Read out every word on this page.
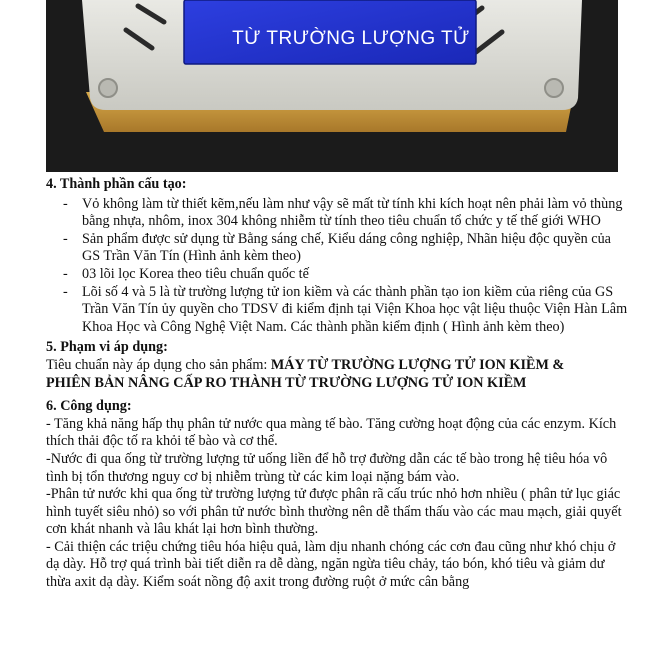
TỪ TRƯỜNG LƯỢNG TỬ

4. Thành phần cấu tạo:

- Vỏ không làm từ thiết kẽm,nếu làm như vậy sẽ mất từ tính khi kích hoạt nên phải làm vỏ thùng bằng nhựa, nhôm, inox 304 không nhiễm từ tính theo tiêu chuẩn tổ chức y tế thế giới WHO
- Sản phẩm được sử dụng từ Bằng sáng chế, Kiểu dáng công nghiệp, Nhãn hiệu độc quyền của GS Trần Văn Tín (Hình ảnh kèm theo)
- 03 lõi lọc Korea theo tiêu chuẩn quốc tế
- Lõi số 4 và 5 là từ trường lượng tử ion kiềm và các thành phần tạo ion kiềm của riêng của GS Trần Văn Tín ủy quyền cho TDSV đi kiểm định tại Viện Khoa học vật liệu thuộc Viện Hàn Lâm Khoa Học và Công Nghệ Việt Nam. Các thành phần kiểm định ( Hình ảnh kèm theo)

5. Phạm vi áp dụng:

Tiêu chuẩn này áp dụng cho sản phẩm: MÁY TỪ TRƯỜNG LƯỢNG TỬ ION KIỀM &

PHIÊN BẢN NÂNG CẤP RO THÀNH TỪ TRƯỜNG LƯỢNG TỬ ION KIỀM

6. Công dụng:

- Tăng khả năng hấp thụ phân tử nước qua màng tế bào. Tăng cường hoạt động của các enzym. Kích thích thải độc tố ra khỏi tế bào và cơ thể.

-Nước đi qua ống từ trường lượng tử uống liền để hỗ trợ đường dẫn các tế bào trong hệ tiêu hóa vô tình bị tổn thương nguy cơ bị nhiễm trùng từ các kim loại nặng bám vào.

-Phân tử nước khi qua ống từ trường lượng tử được phân rã cấu trúc nhỏ hơn nhiều ( phân tử lục giác hình tuyết siêu nhỏ) so với phân tử nước bình thường nên dễ thẩm thấu vào các mau mạch, giải quyết cơn khát nhanh và lâu khát lại hơn bình thường.

- Cải thiện các triệu chứng tiêu hóa hiệu quả, làm dịu nhanh chóng các cơn đau cũng như khó chịu ở dạ dày. Hỗ trợ quá trình bài tiết diễn ra dễ dàng, ngăn ngừa tiêu chảy, táo bón, khó tiêu và giảm dư thừa axit dạ dày. Kiểm soát nồng độ axit trong đường ruột ở mức cân bằng
